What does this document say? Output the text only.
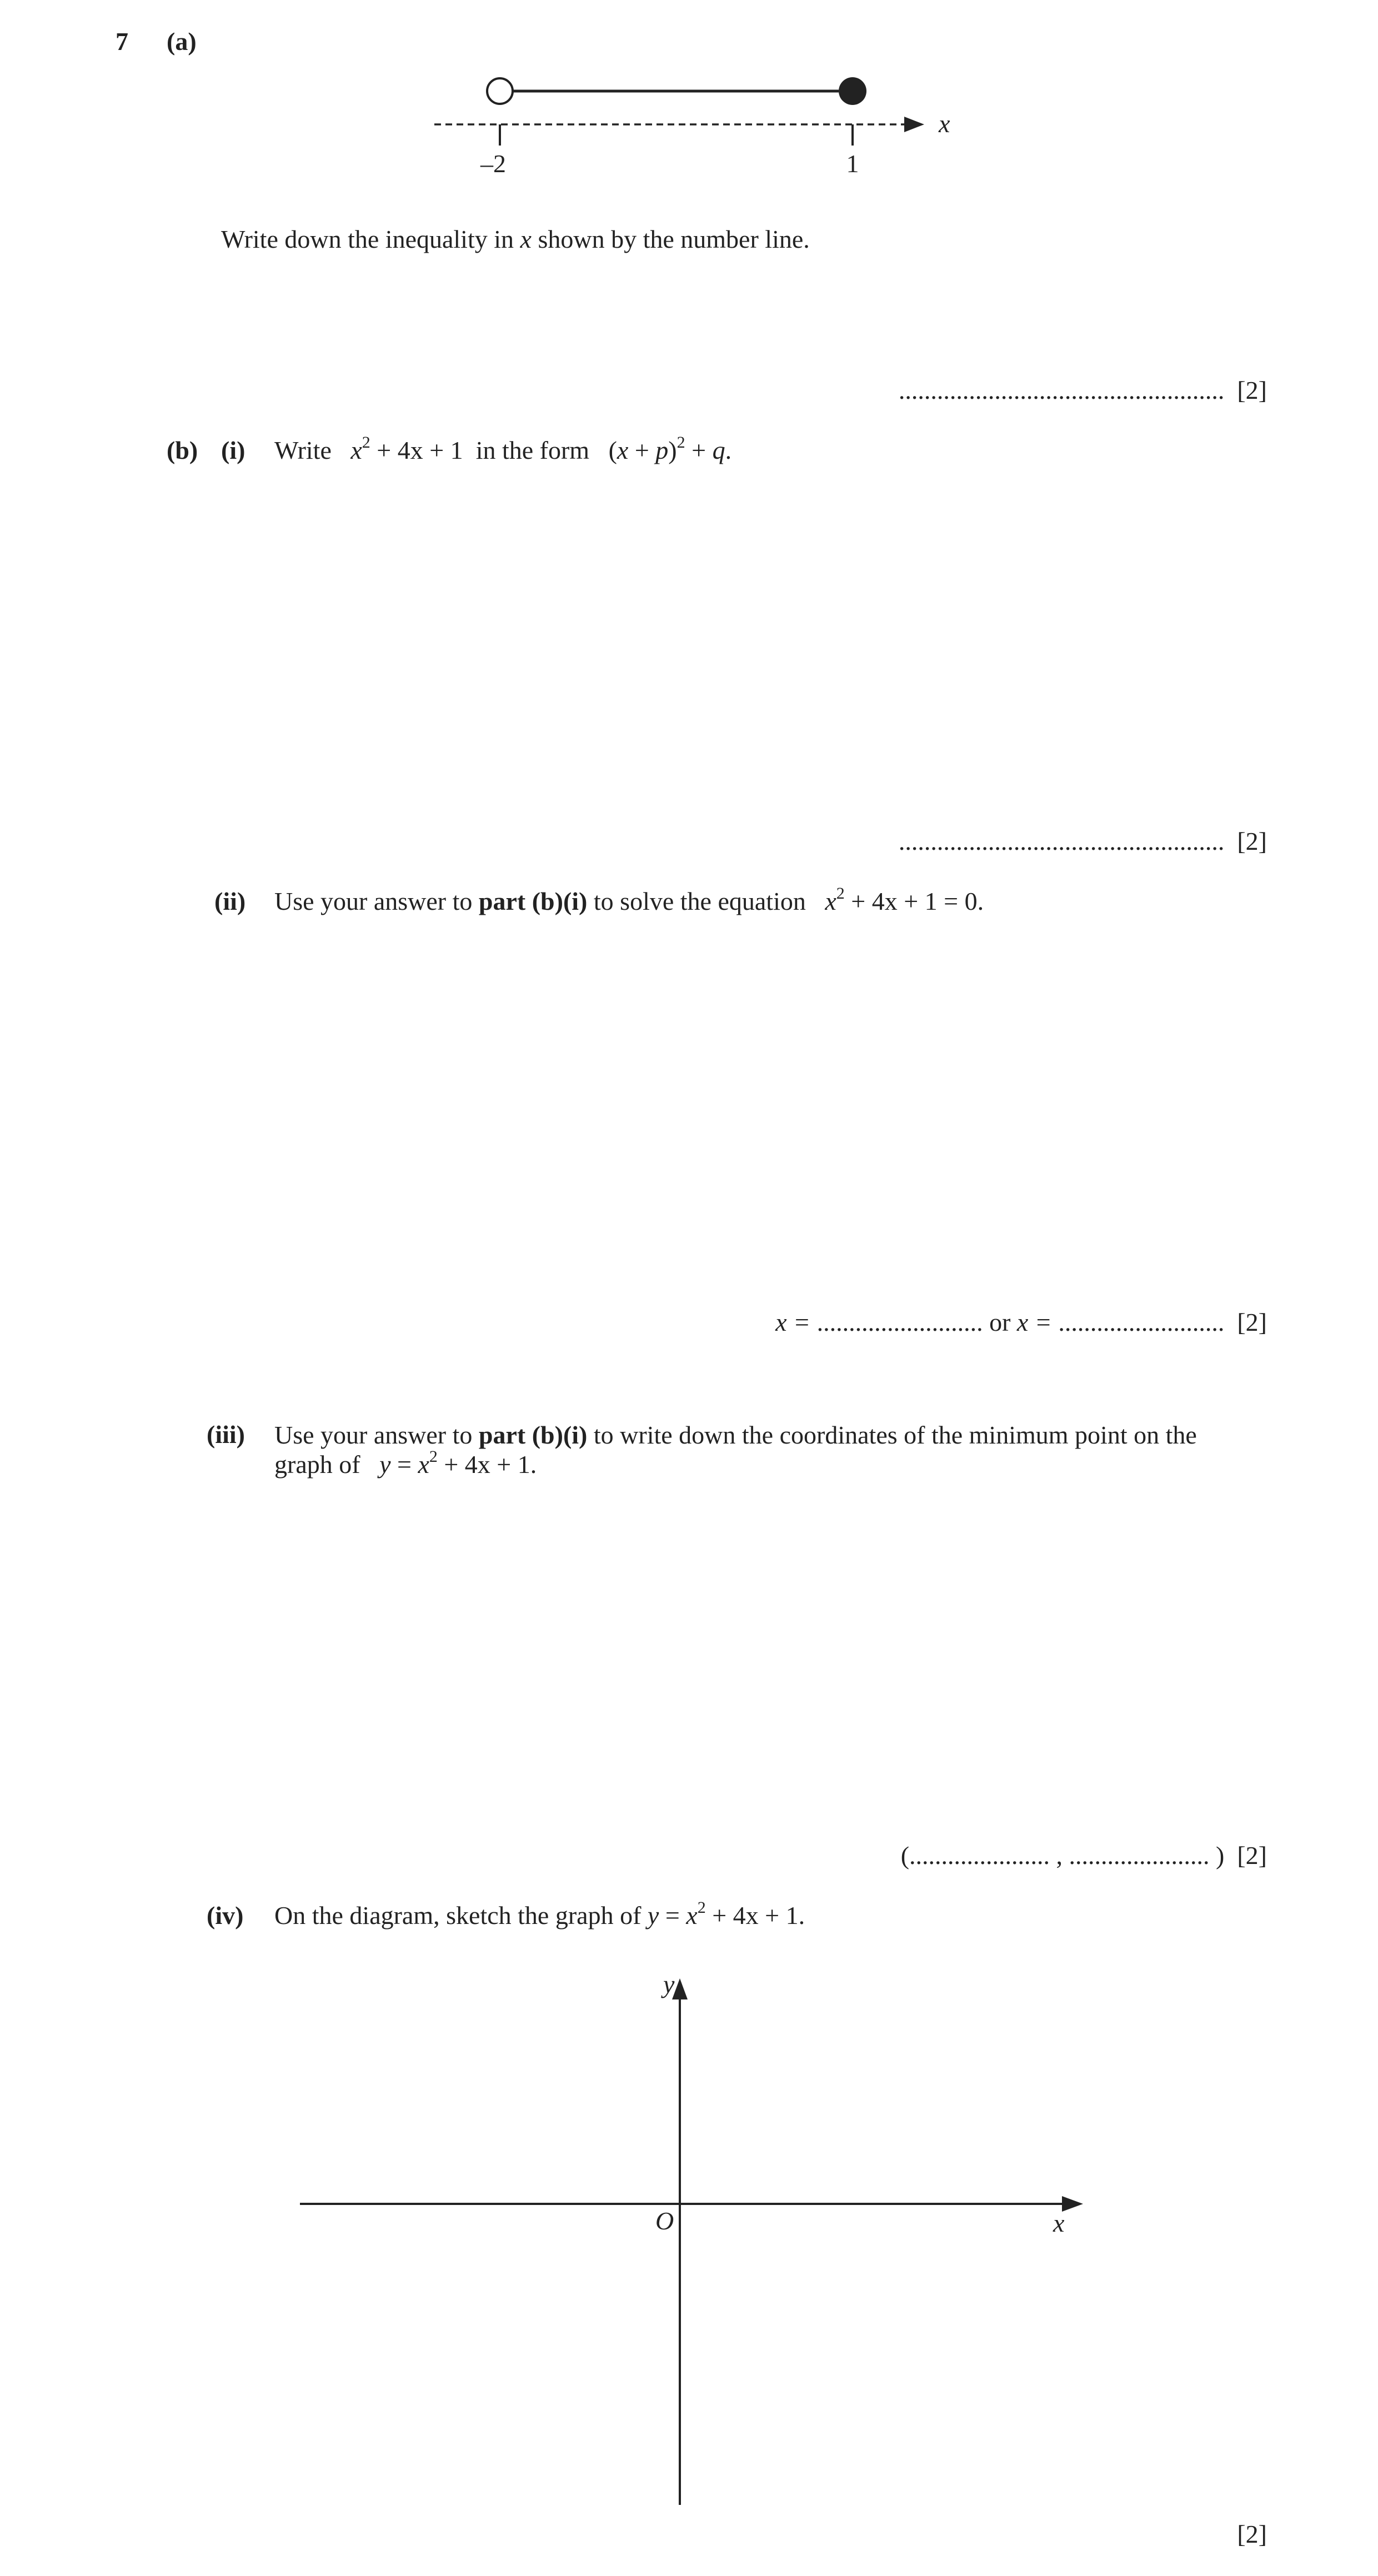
7 (a)
–2	1
x
Write down the inequality in x shown by the number line.
................................................... [2]
(b) (i) Write $x^2 + 4x + 1$ in the form $(x + p)^2 + q$.
................................................... [2]
(ii) Use your answer to part (b)(i) to solve the equation $x^2 + 4x + 1 = 0$.
x = .......................... or x = .......................... [2]
(iii) Use your answer to part (b)(i) to write down the coordinates of the minimum point on the
graph of $y = x^2 + 4x + 1$.
(...................... , ...................... ) [2]
(iv) On the diagram, sketch the graph of $y = x^2 + 4x + 1$.
y
x
O
[2]
